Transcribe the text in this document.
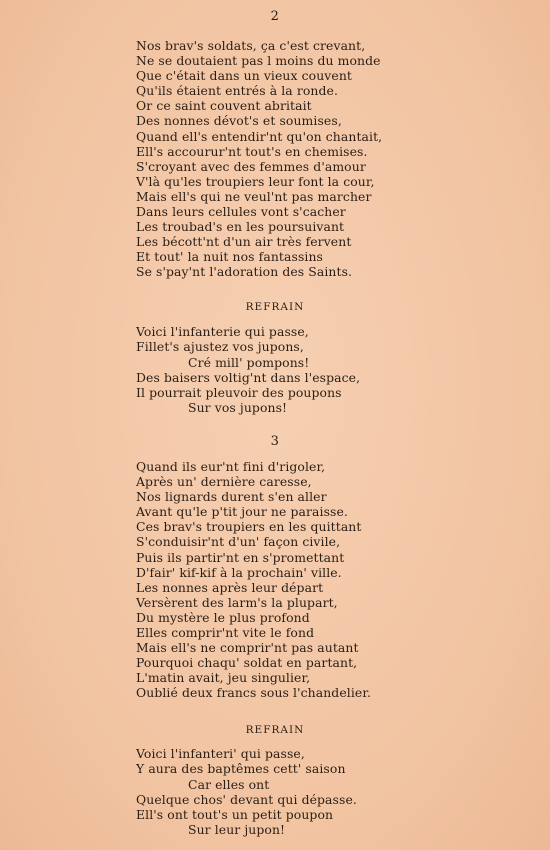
2
Nos brav's soldats, ça c'est crevant,
Ne se doutaient pas l moins du monde
Que c'était dans un vieux couvent
Qu'ils étaient entrés à la ronde.
Or ce saint couvent abritait
Des nonnes dévot's et soumises,
Quand ell's entendir'nt qu'on chantait,
Ell's accourur'nt tout's en chemises.
S'croyant avec des femmes d'amour
V'là qu'les troupiers leur font la cour,
Mais ell's qui ne veul'nt pas marcher
Dans leurs cellules vont s'cacher
Les troubad's en les poursuivant
Les bécott'nt d'un air très fervent
Et tout' la nuit nos fantassins
Se s'pay'nt l'adoration des Saints.
REFRAIN
Voici l'infanterie qui passe,
Fillet's ajustez vos jupons,
Cré mill' pompons!
Des baisers voltig'nt dans l'espace,
Il pourrait pleuvoir des poupons
Sur vos jupons!
3
Quand ils eur'nt fini d'rigoler,
Après un' dernière caresse,
Nos lignards durent s'en aller
Avant qu'le p'tit jour ne paraisse.
Ces brav's troupiers en les quittant
S'conduisir'nt d'un' façon civile,
Puis ils partir'nt en s'promettant
D'fair' kif-kif à la prochain' ville.
Les nonnes après leur départ
Versèrent des larm's la plupart,
Du mystère le plus profond
Elles comprir'nt vite le fond
Mais ell's ne comprir'nt pas autant
Pourquoi chaqu' soldat en partant,
L'matin avait, jeu singulier,
Oublié deux francs sous l'chandelier.
REFRAIN
Voici l'infanteri' qui passe,
Y aura des baptêmes cett' saison
Car elles ont
Quelque chos' devant qui dépasse.
Ell's ont tout's un petit poupon
Sur leur jupon!
